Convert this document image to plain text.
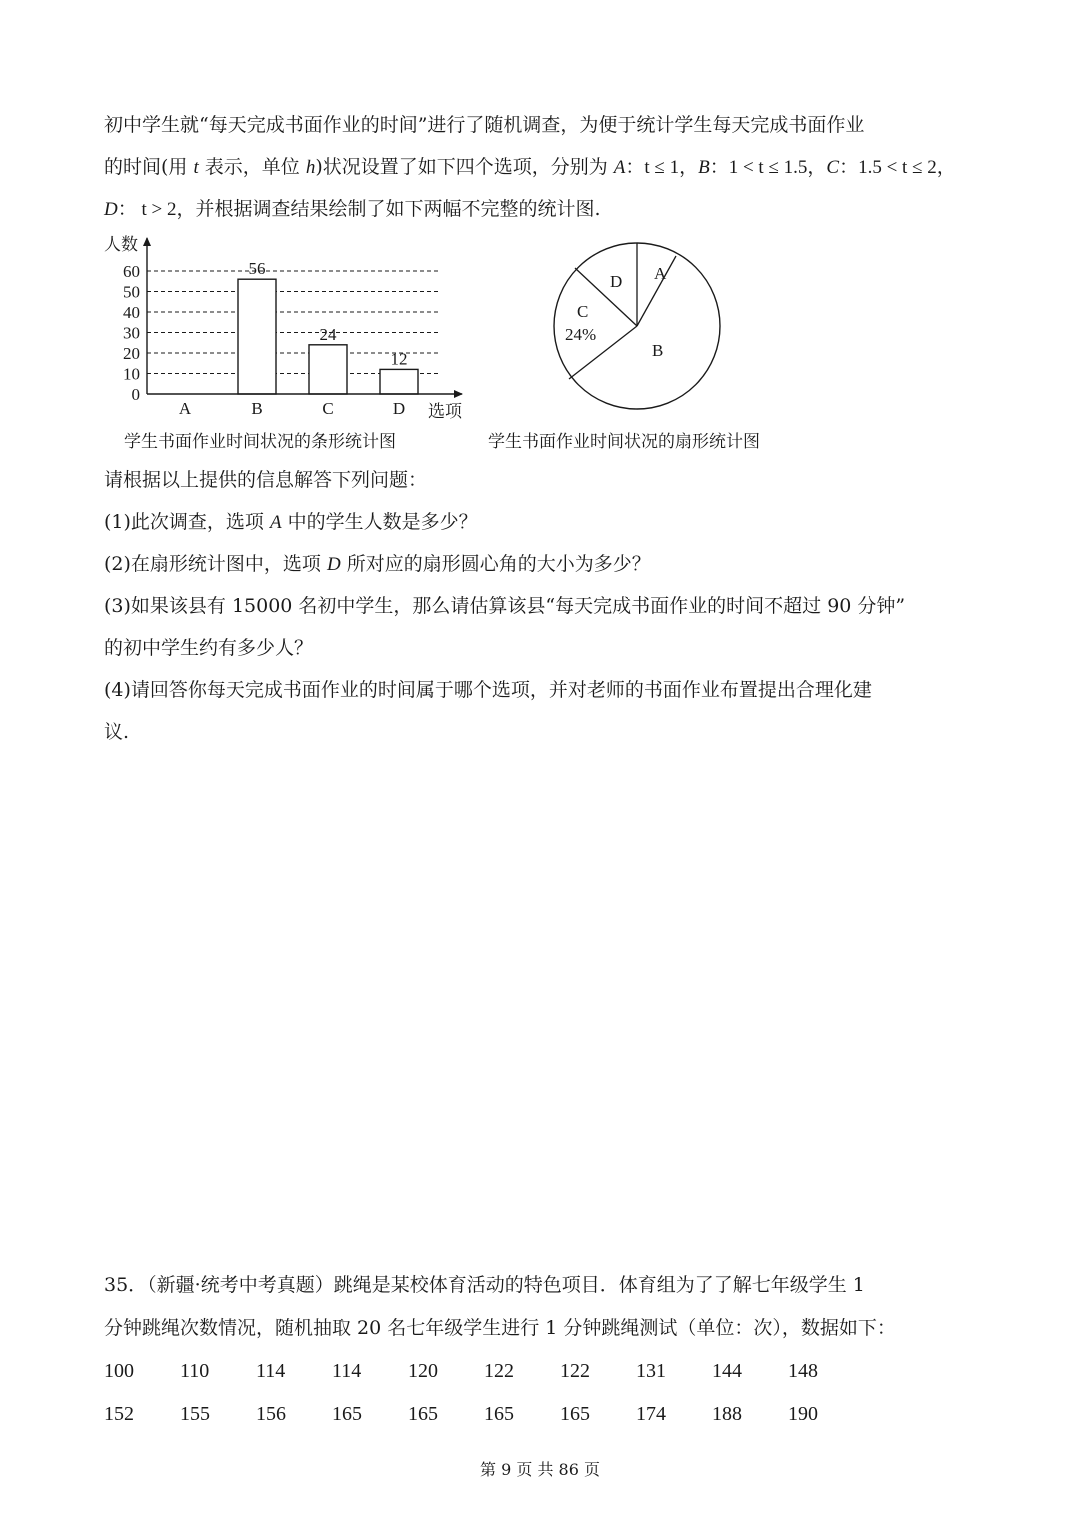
初中学生就“每天完成书面作业的时间”进行了随机调查，为便于统计学生每天完成书面作业

的时间(用 t 表示，单位 h)状况设置了如下四个选项，分别为 A：t ≤ 1，B：1 < t ≤ 1.5，C：1.5 < t ≤ 2，

D： t > 2，并根据调查结果绘制了如下两幅不完整的统计图.

人数
选项
0
10
20
30
40
50
60
A	B	C	D
56
24
12
学生书面作业时间状况的条形统计图
A
B
C
24%
D
学生书面作业时间状况的扇形统计图

请根据以上提供的信息解答下列问题：

(1)此次调查，选项 A 中的学生人数是多少？

(2)在扇形统计图中，选项 D 所对应的扇形圆心角的大小为多少？

(3)如果该县有 15000 名初中学生，那么请估算该县“每天完成书面作业的时间不超过 90 分钟”

的初中学生约有多少人？

(4)请回答你每天完成书面作业的时间属于哪个选项，并对老师的书面作业布置提出合理化建

议.

35．（新疆·统考中考真题）跳绳是某校体育活动的特色项目．体育组为了了解七年级学生 1

分钟跳绳次数情况，随机抽取 20 名七年级学生进行 1 分钟跳绳测试（单位：次），数据如下：

100	110	114	114	120	122	122	131	144	148
152	155	156	165	165	165	165	174	188	190
第 9 页 共 86 页
